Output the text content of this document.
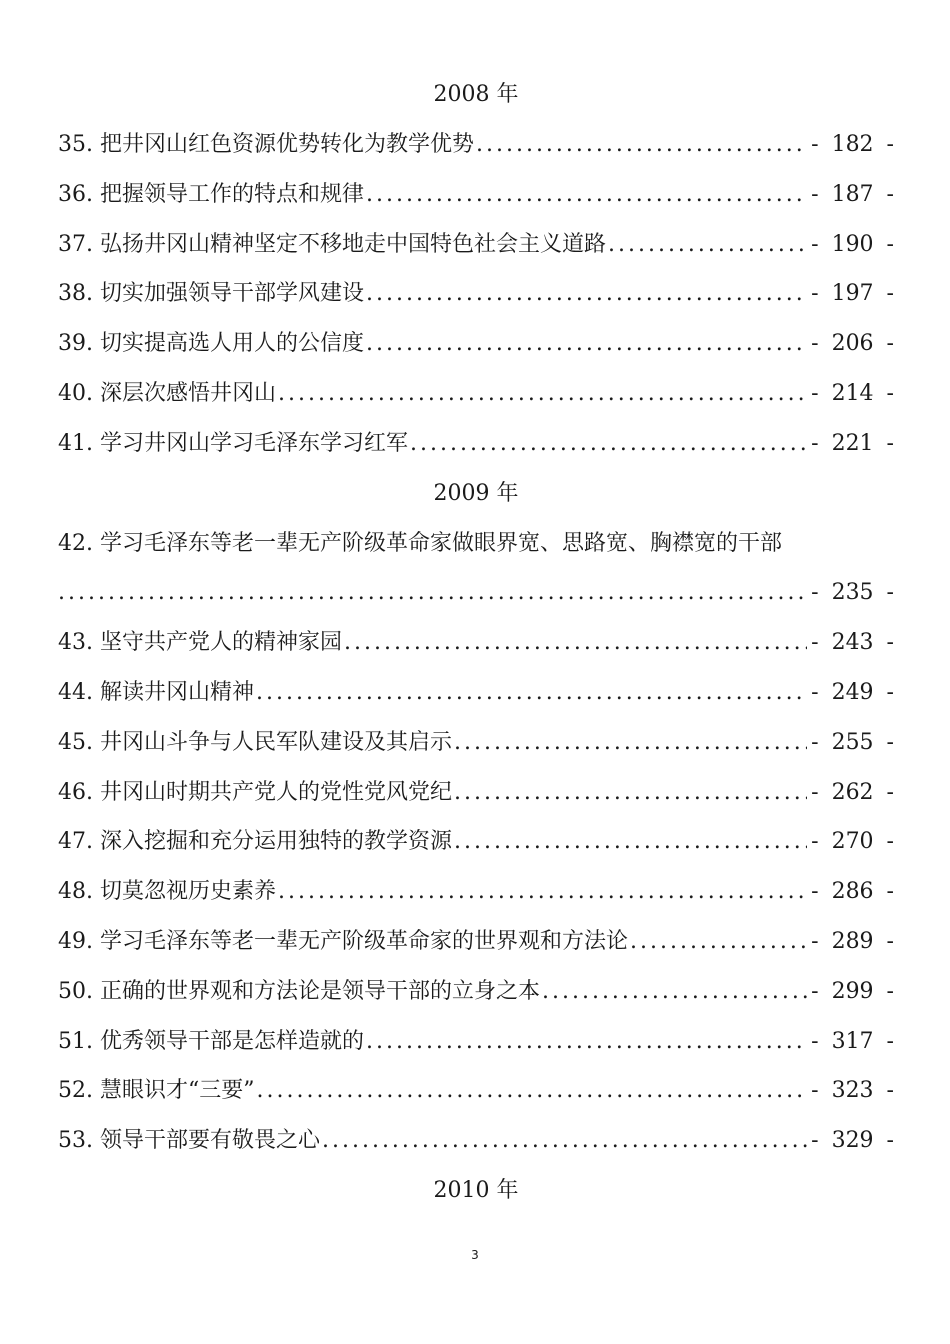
2008 年
35. 把井冈山红色资源优势转化为教学优势 .....	- 182 -
36. 把握领导工作的特点和规律 .....	- 187 -
37. 弘扬井冈山精神坚定不移地走中国特色社会主义道路 .....	- 190 -
38. 切实加强领导干部学风建设 .....	- 197 -
39. 切实提高选人用人的公信度 .....	- 206 -
40. 深层次感悟井冈山 .....	- 214 -
41. 学习井冈山学习毛泽东学习红军 .....	- 221 -
2009 年
42. 学习毛泽东等老一辈无产阶级革命家做眼界宽、思路宽、胸襟宽的干部
.....
- 235 -
43. 坚守共产党人的精神家园 .....	- 243 -
44. 解读井冈山精神 .....	- 249 -
45. 井冈山斗争与人民军队建设及其启示 .....	- 255 -
46. 井冈山时期共产党人的党性党风党纪 .....	- 262 -
47. 深入挖掘和充分运用独特的教学资源 .....	- 270 -
48. 切莫忽视历史素养 .....	- 286 -
49. 学习毛泽东等老一辈无产阶级革命家的世界观和方法论 .....	- 289 -
50. 正确的世界观和方法论是领导干部的立身之本 .....	- 299 -
51. 优秀领导干部是怎样造就的 .....	- 317 -
52. 慧眼识才“三要” .....	- 323 -
53. 领导干部要有敬畏之心 .....	- 329 -
2010 年
3
